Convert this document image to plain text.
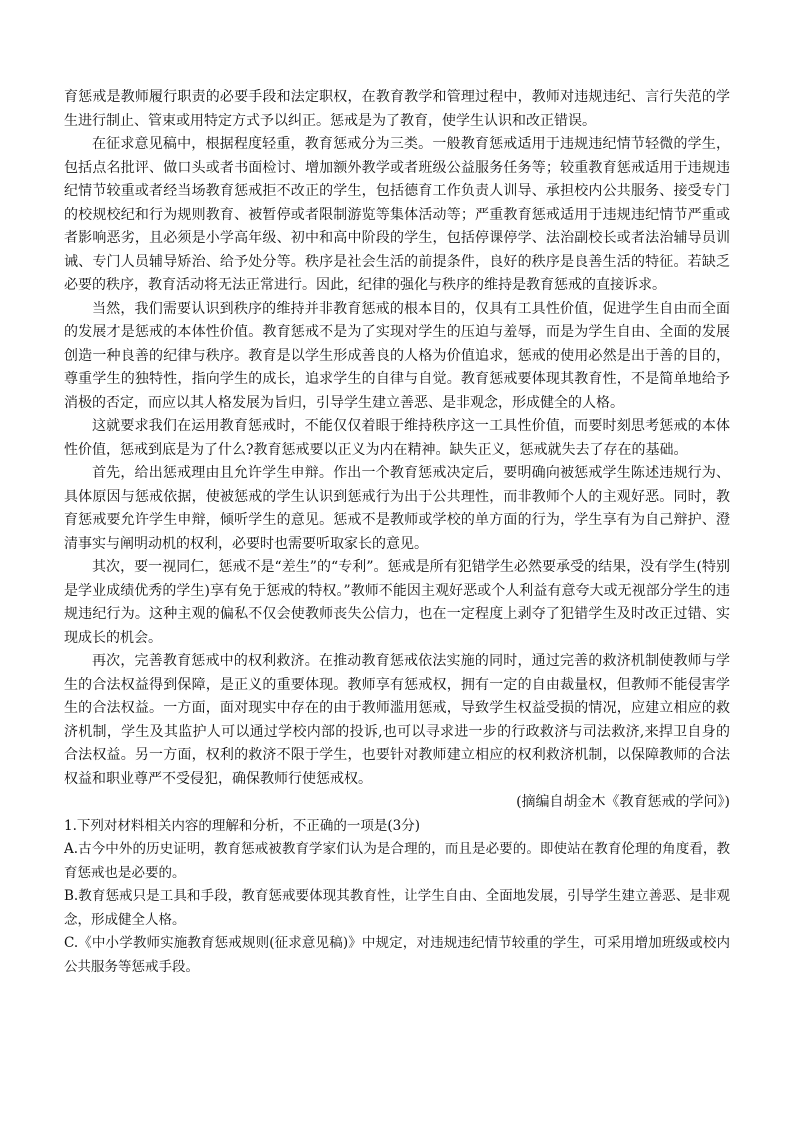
育惩戒是教师履行职责的必要手段和法定职权，在教育教学和管理过程中，教师对违规违纪、言行失范的学生进行制止、管束或用特定方式予以纠正。惩戒是为了教育，使学生认识和改正错误。

在征求意见稿中，根据程度轻重，教育惩戒分为三类。一般教育惩戒适用于违规违纪情节轻微的学生，包括点名批评、做口头或者书面检讨、增加额外教学或者班级公益服务任务等；较重教育惩戒适用于违规违纪情节较重或者经当场教育惩戒拒不改正的学生，包括德育工作负责人训导、承担校内公共服务、接受专门的校规校纪和行为规则教育、被暂停或者限制游览等集体活动等；严重教育惩戒适用于违规违纪情节严重或者影响恶劣，且必须是小学高年级、初中和高中阶段的学生，包括停课停学、法治副校长或者法治辅导员训诫、专门人员辅导矫治、给予处分等。秩序是社会生活的前提条件，良好的秩序是良善生活的特征。若缺乏必要的秩序，教育活动将无法正常进行。因此，纪律的强化与秩序的维持是教育惩戒的直接诉求。

当然，我们需要认识到秩序的维持并非教育惩戒的根本目的，仅具有工具性价值，促进学生自由而全面的发展才是惩戒的本体性价值。教育惩戒不是为了实现对学生的压迫与羞辱，而是为学生自由、全面的发展创造一种良善的纪律与秩序。教育是以学生形成善良的人格为价值追求，惩戒的使用必然是出于善的目的，尊重学生的独特性，指向学生的成长，追求学生的自律与自觉。教育惩戒要体现其教育性，不是简单地给予消极的否定，而应以其人格发展为旨归，引导学生建立善恶、是非观念，形成健全的人格。

这就要求我们在运用教育惩戒时，不能仅仅着眼于维持秩序这一工具性价值，而要时刻思考惩戒的本体性价值，惩戒到底是为了什么?教育惩戒要以正义为内在精神。缺失正义，惩戒就失去了存在的基础。

首先，给出惩戒理由且允许学生申辩。作出一个教育惩戒决定后，要明确向被惩戒学生陈述违规行为、具体原因与惩戒依据，使被惩戒的学生认识到惩戒行为出于公共理性，而非教师个人的主观好恶。同时，教育惩戒要允许学生申辩，倾听学生的意见。惩戒不是教师或学校的单方面的行为，学生享有为自己辩护、澄清事实与阐明动机的权利，必要时也需要听取家长的意见。

其次，要一视同仁，惩戒不是“差生”的“专利”。惩戒是所有犯错学生必然要承受的结果，没有学生(特别是学业成绩优秀的学生)享有免于惩戒的特权。”教师不能因主观好恶或个人利益有意夸大或无视部分学生的违规违纪行为。这种主观的偏私不仅会使教师丧失公信力，也在一定程度上剥夺了犯错学生及时改正过错、实现成长的机会。

再次，完善教育惩戒中的权利救济。在推动教育惩戒依法实施的同时，通过完善的救济机制使教师与学生的合法权益得到保障，是正义的重要体现。教师享有惩戒权，拥有一定的自由裁量权，但教师不能侵害学生的合法权益。一方面，面对现实中存在的由于教师滥用惩戒，导致学生权益受损的情况，应建立相应的救济机制，学生及其监护人可以通过学校内部的投诉,也可以寻求进一步的行政救济与司法救济,来捍卫自身的合法权益。另一方面，权利的救济不限于学生，也要针对教师建立相应的权利救济机制，以保障教师的合法权益和职业尊严不受侵犯，确保教师行使惩戒权。

(摘编自胡金木《教育惩戒的学问》)

1.下列对材料相关内容的理解和分析，不正确的一项是(3分)

A.古今中外的历史证明，教育惩戒被教育学家们认为是合理的，而且是必要的。即使站在教育伦理的角度看，教育惩戒也是必要的。

B.教育惩戒只是工具和手段，教育惩戒要体现其教育性，让学生自由、全面地发展，引导学生建立善恶、是非观念，形成健全人格。

C.《中小学教师实施教育惩戒规则(征求意见稿)》中规定，对违规违纪情节较重的学生，可采用增加班级或校内公共服务等惩戒手段。
